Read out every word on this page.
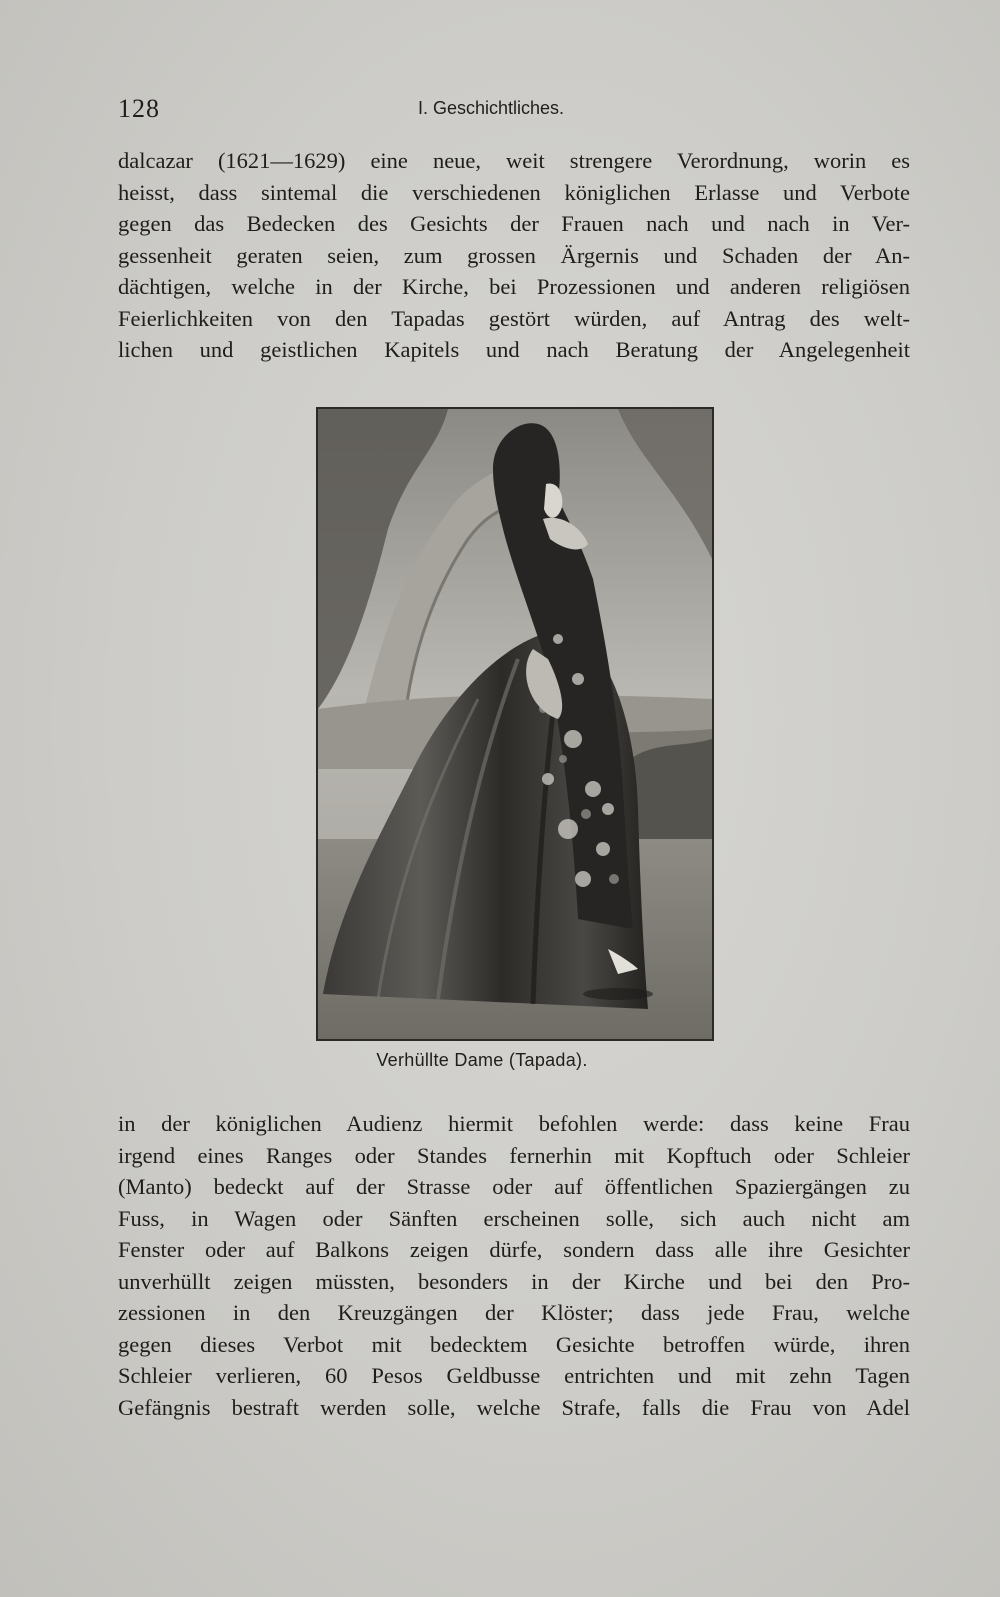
128	I. Geschichtliches.
dalcazar (1621—1629) eine neue, weit strengere Verordnung, worin es
heisst, dass sintemal die verschiedenen königlichen Erlasse und Verbote
gegen das Bedecken des Gesichts der Frauen nach und nach in Ver-
gessenheit geraten seien, zum grossen Ärgernis und Schaden der An-
dächtigen, welche in der Kirche, bei Prozessionen und anderen religiösen
Feierlichkeiten von den Tapadas gestört würden, auf Antrag des welt-
lichen und geistlichen Kapitels und nach Beratung der Angelegenheit
Verhüllte Dame (Tapada).
in der königlichen Audienz hiermit befohlen werde: dass keine Frau
irgend eines Ranges oder Standes fernerhin mit Kopftuch oder Schleier
(Manto) bedeckt auf der Strasse oder auf öffentlichen Spaziergängen zu
Fuss, in Wagen oder Sänften erscheinen solle, sich auch nicht am
Fenster oder auf Balkons zeigen dürfe, sondern dass alle ihre Gesichter
unverhüllt zeigen müssten, besonders in der Kirche und bei den Pro-
zessionen in den Kreuzgängen der Klöster; dass jede Frau, welche
gegen dieses Verbot mit bedecktem Gesichte betroffen würde, ihren
Schleier verlieren, 60 Pesos Geldbusse entrichten und mit zehn Tagen
Gefängnis bestraft werden solle, welche Strafe, falls die Frau von Adel
